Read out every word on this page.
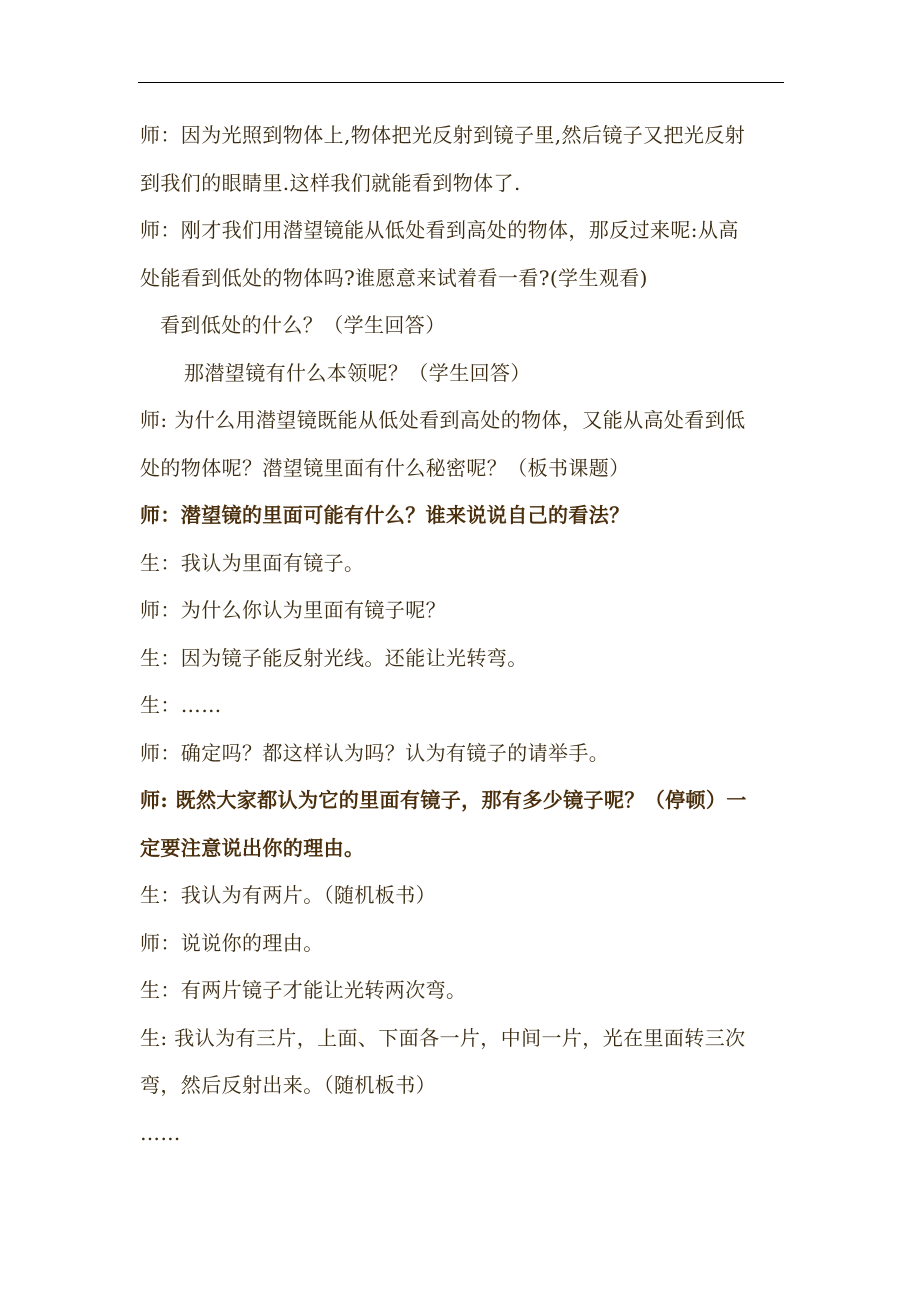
师：因为光照到物体上,物体把光反射到镜子里,然后镜子又把光反射
到我们的眼睛里.这样我们就能看到物体了.
师：刚才我们用潜望镜能从低处看到高处的物体，那反过来呢:从高
处能看到低处的物体吗?谁愿意来试着看一看?(学生观看)
看到低处的什么？（学生回答）
那潜望镜有什么本领呢？（学生回答）
师: 为什么用潜望镜既能从低处看到高处的物体，又能从高处看到低
处的物体呢？潜望镜里面有什么秘密呢？（板书课题）
师：潜望镜的里面可能有什么？谁来说说自己的看法？
生：我认为里面有镜子。
师：为什么你认为里面有镜子呢？
生：因为镜子能反射光线。还能让光转弯。
生：……
师：确定吗？都这样认为吗？认为有镜子的请举手。
师: 既然大家都认为它的里面有镜子，那有多少镜子呢？（停顿）一
定要注意说出你的理由。
生：我认为有两片。（随机板书）
师：说说你的理由。
生：有两片镜子才能让光转两次弯。
生: 我认为有三片，上面、下面各一片，中间一片，光在里面转三次
弯，然后反射出来。（随机板书）
……
